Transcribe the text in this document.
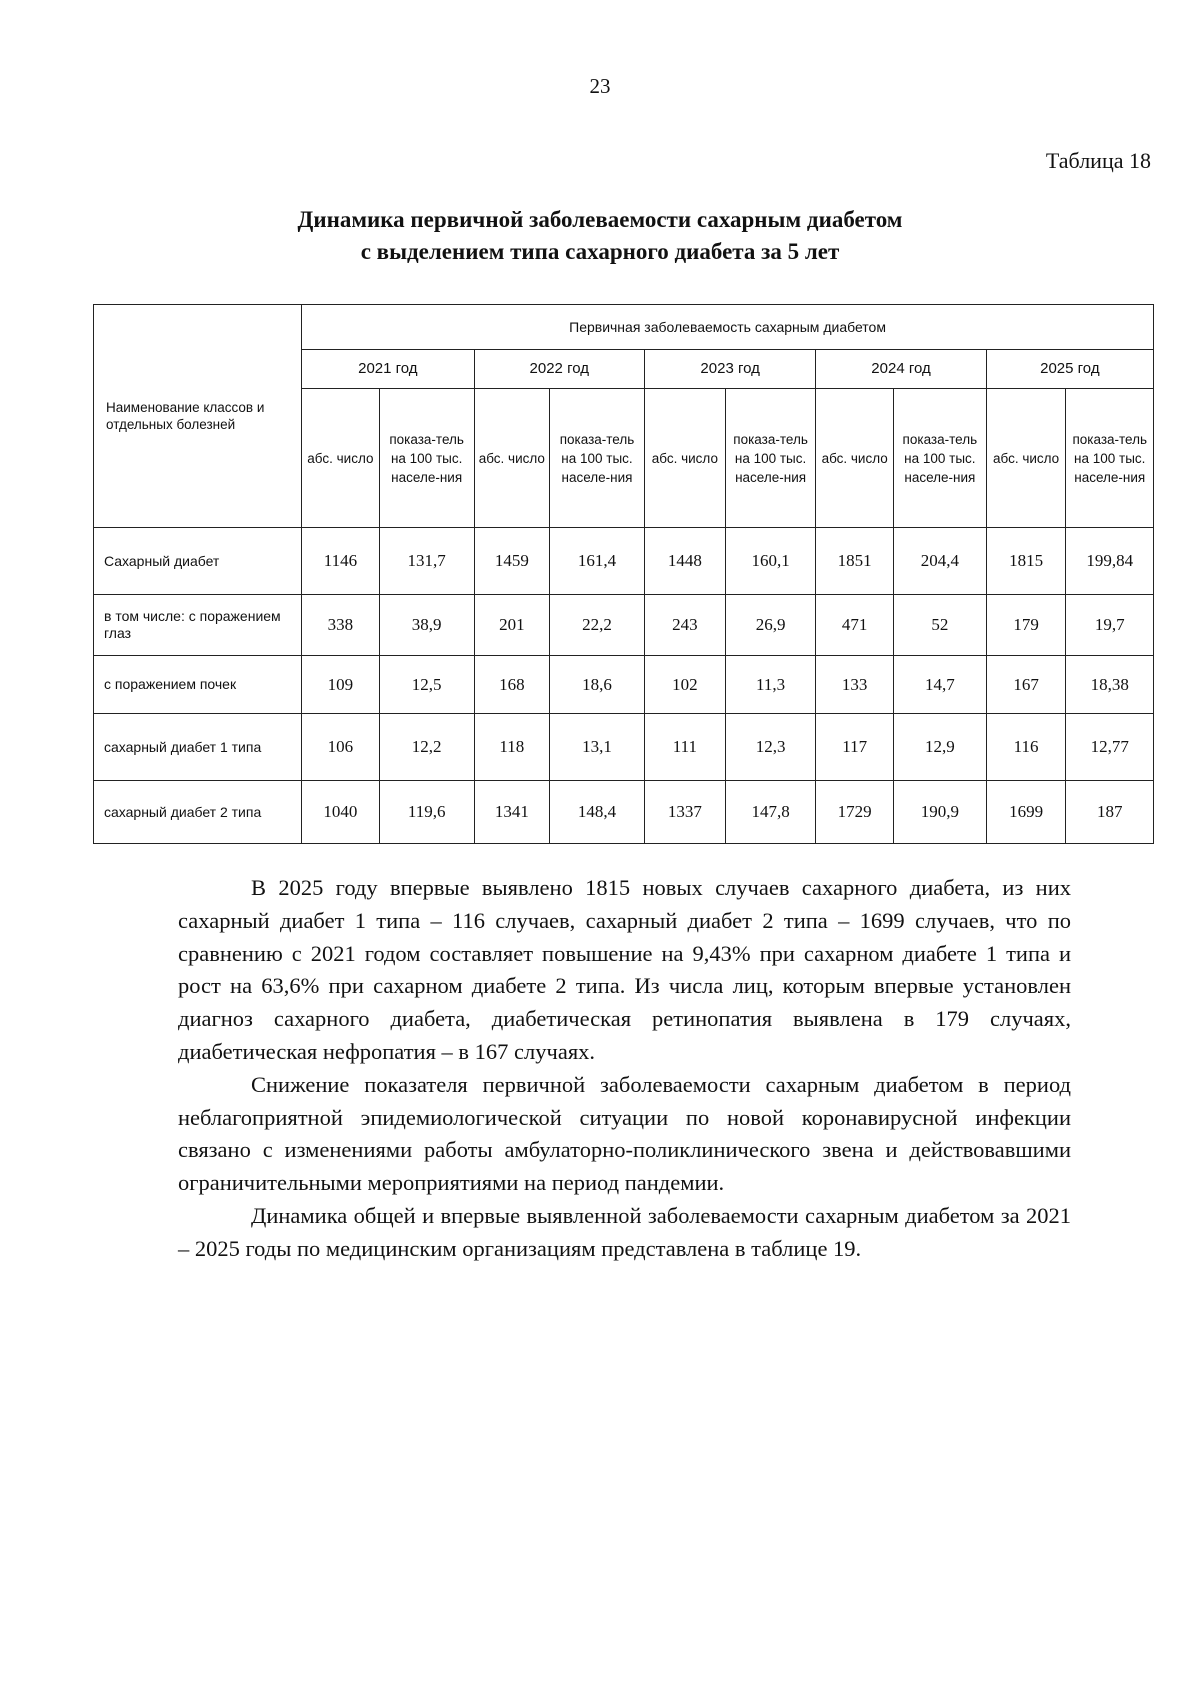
23
Таблица 18
Динамика первичной заболеваемости сахарным диабетом
с выделением типа сахарного диабета за 5 лет
Наименование классов и отдельных болезней	Первичная заболеваемость сахарным диабетом									
	2021 год		2022 год		2023 год		2024 год		2025 год	
	абс. число	показа-тель на 100 тыс. населе-ния	абс. число	показа-тель на 100 тыс. населе-ния	абс. число	показа-тель на 100 тыс. населе-ния	абс. число	показа-тель на 100 тыс. населе-ния	абс. число	показа-тель на 100 тыс. населе-ния
Сахарный диабет	1146	131,7	1459	161,4	1448	160,1	1851	204,4	1815	199,84
в том числе: с поражением глаз	338	38,9	201	22,2	243	26,9	471	52	179	19,7
с поражением почек	109	12,5	168	18,6	102	11,3	133	14,7	167	18,38
сахарный диабет 1 типа	106	12,2	118	13,1	111	12,3	117	12,9	116	12,77
сахарный диабет 2 типа	1040	119,6	1341	148,4	1337	147,8	1729	190,9	1699	187

В 2025 году впервые выявлено 1815 новых случаев сахарного диабета, из них сахарный диабет 1 типа – 116 случаев, сахарный диабет 2 типа – 1699 случаев, что по сравнению с 2021 годом составляет повышение на 9,43% при сахарном диабете 1 типа и рост на 63,6% при сахарном диабете 2 типа. Из числа лиц, которым впервые установлен диагноз сахарного диабета, диабетическая ретинопатия выявлена в 179 случаях, диабетическая нефропатия – в 167 случаях.

Снижение показателя первичной заболеваемости сахарным диабетом в период неблагоприятной эпидемиологической ситуации по новой коронавирусной инфекции связано с изменениями работы амбулаторно-поликлинического звена и действовавшими ограничительными мероприятиями на период пандемии.

Динамика общей и впервые выявленной заболеваемости сахарным диабетом за 2021 – 2025 годы по медицинским организациям представлена в таблице 19.
